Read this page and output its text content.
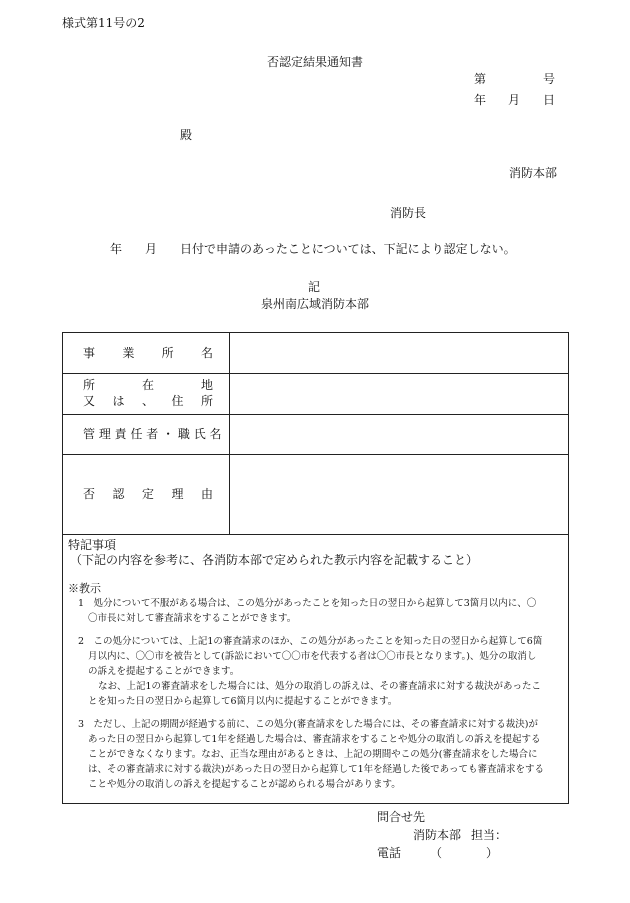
様式第11号の2
否認定結果通知書
第	号
年 月 日
殿
消防本部
消防長
年 月 日付で申請のあったことについては、下記により認定しない。
記
泉州南広域消防本部
事 業 所 名
所	在	地
又 は 、 住 所
管 理 責 任 者 ・ 職 氏 名
否 認 定 理 由
特記事項
（下記の内容を参考に、各消防本部で定められた教示内容を記載すること）
※教示
1　処分について不服がある場合は、この処分があったことを知った日の翌日から起算して3箇月以内に、〇
〇市長に対して審査請求をすることができます。
2　この処分については、上記1の審査請求のほか、この処分があったことを知った日の翌日から起算して6箇
月以内に、〇〇市を被告として(訴訟において〇〇市を代表する者は〇〇市長となります。)、処分の取消し
の訴えを提起することができます。
なお、上記1の審査請求をした場合には、処分の取消しの訴えは、その審査請求に対する裁決があったこ
とを知った日の翌日から起算して6箇月以内に提起することができます。
3　ただし、上記の期間が経過する前に、この処分(審査請求をした場合には、その審査請求に対する裁決)が
あった日の翌日から起算して1年を経過した場合は、審査請求をすることや処分の取消しの訴えを提起する
ことができなくなります。なお、正当な理由があるときは、上記の期間やこの処分(審査請求をした場合に
は、その審査請求に対する裁決)があった日の翌日から起算して1年を経過した後であっても審査請求をする
ことや処分の取消しの訴えを提起することが認められる場合があります。
問合せ先
消防本部 担当：
電話 （	）
